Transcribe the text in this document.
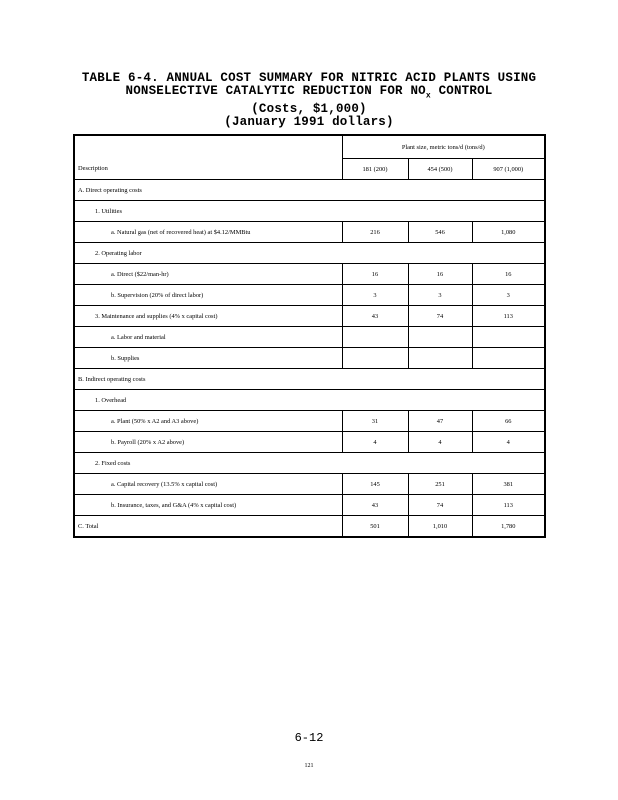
TABLE 6-4. ANNUAL COST SUMMARY FOR NITRIC ACID PLANTS USING
NONSELECTIVE CATALYTIC REDUCTION FOR $NO_x$ CONTROL
(Costs, $1,000)
(January 1991 dollars)
	Plant size, metric tons/d (tons/d)		
Description	181 (200)	454 (500)	907 (1,000)
A. Direct operating costs			
1. Utilities			
a. Natural gas (net of recovered heat) at $4.12/MMBtu	216	546	1,080
2. Operating labor			
a. Direct ($22/man-hr)	16	16	16
b. Supervision (20% of direct labor)	3	3	3
3. Maintenance and supplies (4% x capital cost)	43	74	113
a. Labor and material			
b. Supplies			
B. Indirect operating costs			
1. Overhead			
a. Plant (50% x A2 and A3 above)	31	47	66
b. Payroll (20% x A2 above)	4	4	4
2. Fixed costs			
a. Capital recovery (13.5% x capital cost)	145	251	381
b. Insurance, taxes, and G&A (4% x capital cost)	43	74	113
C. Total	501	1,010	1,780
6-12
121
